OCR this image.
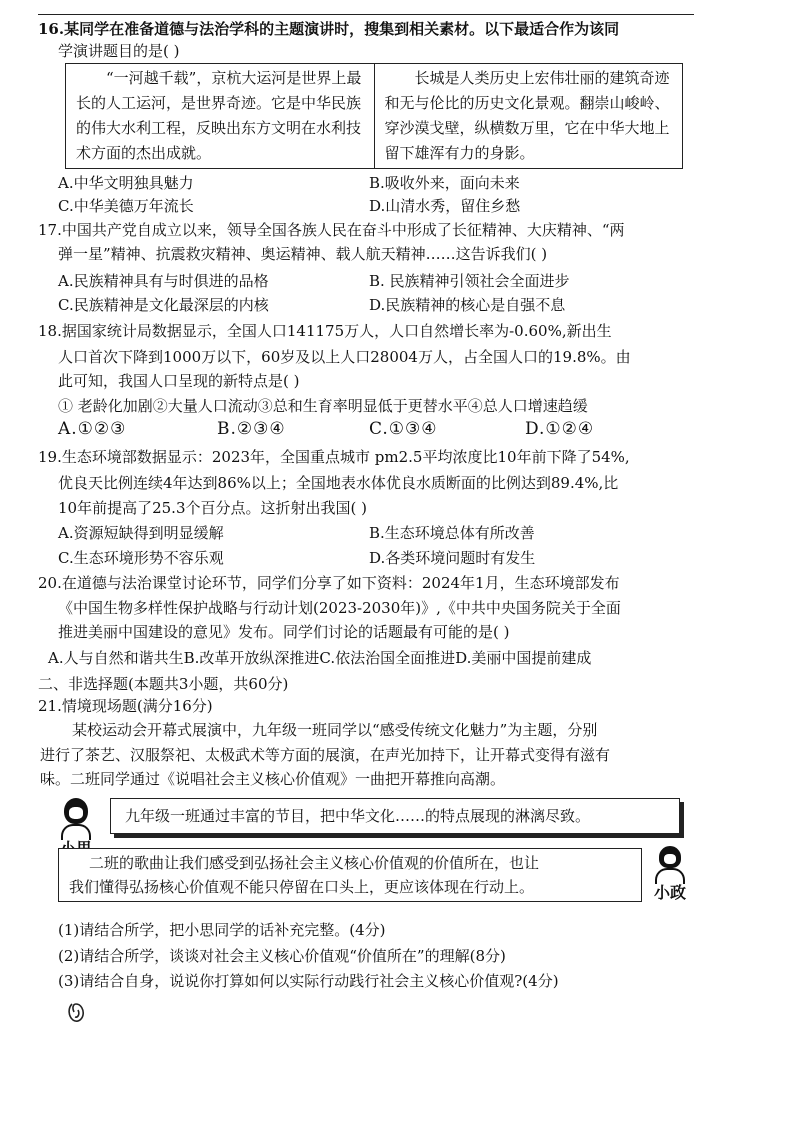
16.某同学在准备道德与法治学科的主题演讲时，搜集到相关素材。以下最适合作为该同
学演讲题目的是( )
“一河越千载”，京杭大运河是世界上最长的人工运河，是世界奇迹。它是中华民族的伟大水利工程，反映出东方文明在水利技术方面的杰出成就。
长城是人类历史上宏伟壮丽的建筑奇迹和无与伦比的历史文化景观。翻崇山峻岭、穿沙漠戈壁，纵横数万里，它在中华大地上留下雄浑有力的身影。
A.中华文明独具魅力	B.吸收外来，面向未来
C.中华美德万年流长	D.山清水秀，留住乡愁
17.中国共产党自成立以来，领导全国各族人民在奋斗中形成了长征精神、大庆精神、“两
弹一星”精神、抗震救灾精神、奥运精神、载人航天精神……这告诉我们( )
A.民族精神具有与时俱进的品格	B. 民族精神引领社会全面进步
C.民族精神是文化最深层的内核	D.民族精神的核心是自强不息
18.据国家统计局数据显示，全国人口141175万人，人口自然增长率为-0.60%,新出生
人口首次下降到1000万以下，60岁及以上人口28004万人，占全国人口的19.8%。由
此可知，我国人口呈现的新特点是( )
① 老龄化加剧②大量人口流动③总和生育率明显低于更替水平④总人口增速趋缓
A.①②③	B.②③④	C.①③④	D.①②④
19.生态环境部数据显示：2023年，全国重点城市 pm2.5平均浓度比10年前下降了54%,
优良天比例连续4年达到86%以上；全国地表水体优良水质断面的比例达到89.4%,比
10年前提高了25.3个百分点。这折射出我国( )
A.资源短缺得到明显缓解	B.生态环境总体有所改善
C.生态环境形势不容乐观	D.各类环境问题时有发生
20.在道德与法治课堂讨论环节，同学们分享了如下资料：2024年1月，生态环境部发布
《中国生物多样性保护战略与行动计划(2023-2030年)》,《中共中央国务院关于全面
推进美丽中国建设的意见》发布。同学们讨论的话题最有可能的是( )
A.人与自然和谐共生B.改革开放纵深推进C.依法治国全面推进D.美丽中国提前建成
二、非选择题(本题共3小题，共60分)
21.情境现场题(满分16分)
某校运动会开幕式展演中，九年级一班同学以“感受传统文化魅力”为主题，分别
进行了茶艺、汉服祭祀、太极武术等方面的展演，在声光加持下，让开幕式变得有滋有
味。二班同学通过《说唱社会主义核心价值观》一曲把开幕推向高潮。
九年级一班通过丰富的节目，把中华文化……的特点展现的淋漓尽致。
二班的歌曲让我们感受到弘扬社会主义核心价值观的价值所在，也让
我们懂得弘扬核心价值观不能只停留在口头上，更应该体现在行动上。	小政
(1)请结合所学，把小思同学的话补充完整。(4分)
(2)请结合所学，谈谈对社会主义核心价值观“价值所在”的理解(8分)
(3)请结合自身，说说你打算如何以实际行动践行社会主义核心价值观?(4分)
